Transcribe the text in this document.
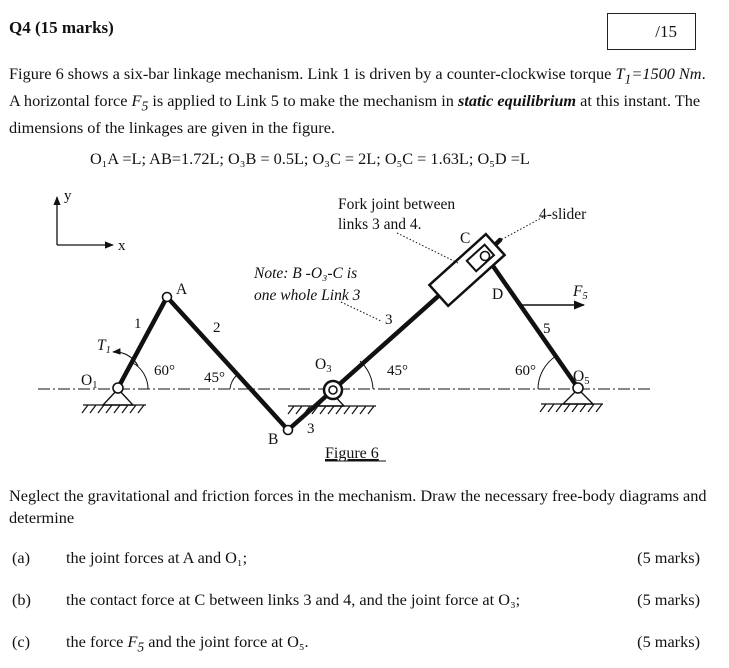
Q4 (15 marks)	/15
Figure 6 shows a six-bar linkage mechanism. Link 1 is driven by a counter-clockwise torque $T_1=1500$ Nm. A horizontal force $F_5$ is applied to Link 5 to make the mechanism in static equilibrium at this instant. The dimensions of the linkages are given in the figure.
O₁A =L; AB=1.72L; O₃B = 0.5L; O₃C = 2L; O₅C = 1.63L; O₅D =L
y
x
Fork joint between
links 3 and 4.
4-slider
Note: B -O₃-C is
one whole Link 3
A
B
C
D
O1
O3	O5
T1
F5
1	2	3
3
5
60° 45°	45°	60°
Figure 6
Neglect the gravitational and friction forces in the mechanism. Draw the necessary free-body diagrams and determine
(a) the joint forces at A and O₁;	(5 marks)
(b) the contact force at C between links 3 and 4, and the joint force at O₃;	(5 marks)
(c) the force $F_5$ and the joint force at O₅.	(5 marks)
